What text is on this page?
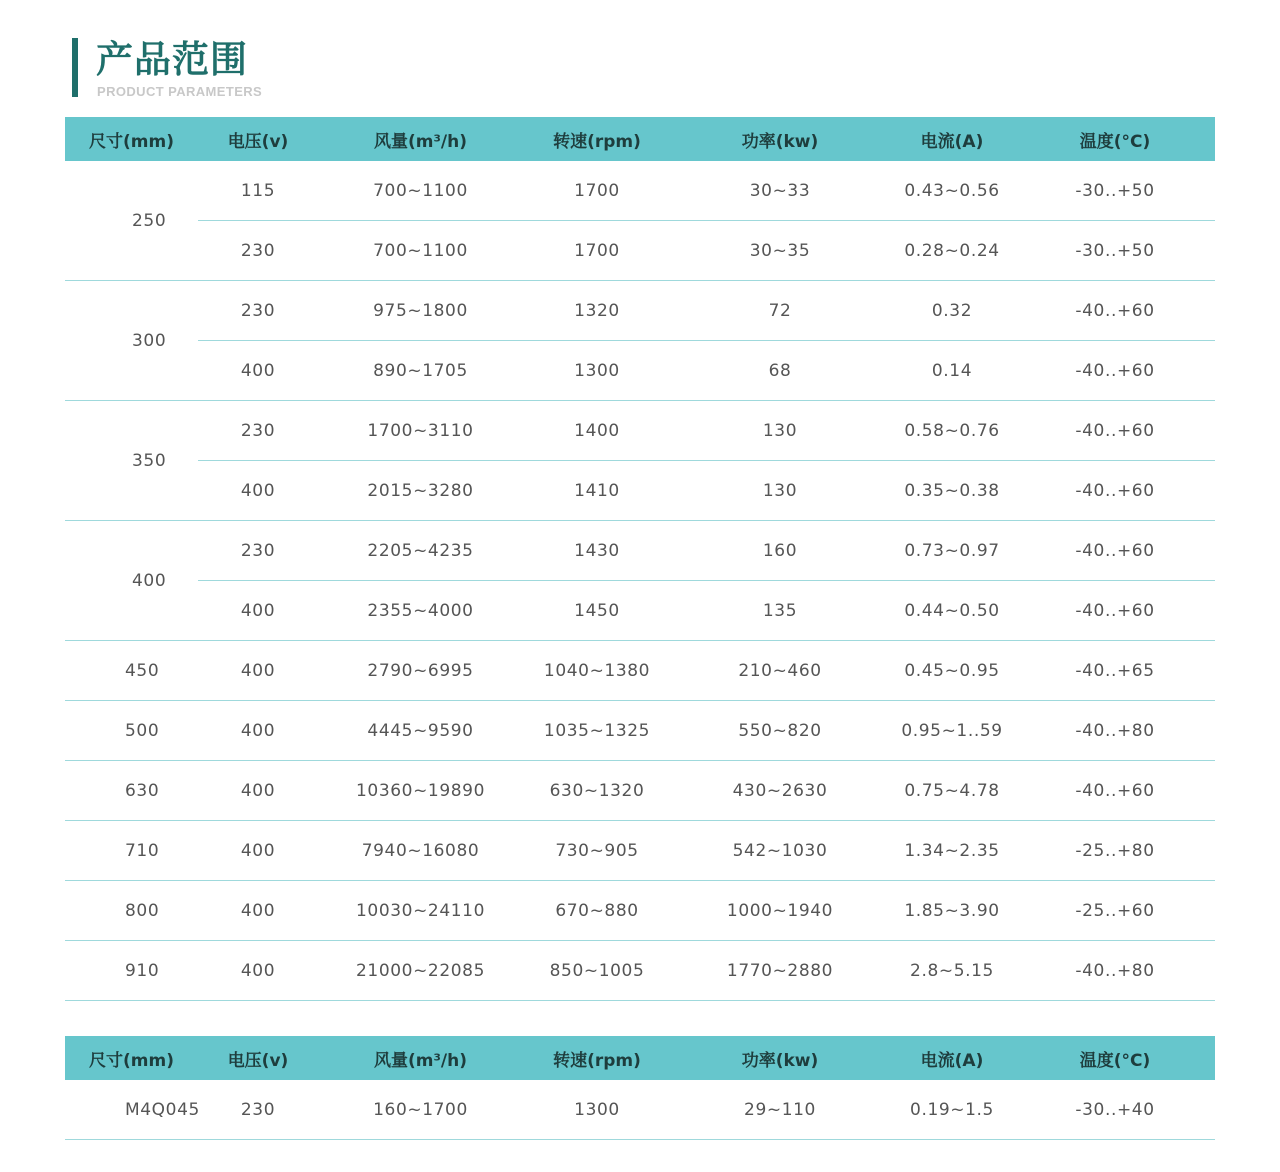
产品范围
PRODUCT PARAMETERS
尺寸(mm)	电压(v)	风量(m³/h)	转速(rpm)	功率(kw)	电流(A)	温度(°C)
250	115	700~1100	1700	30~33	0.43~0.56	-30..+50
	230	700~1100	1700	30~35	0.28~0.24	-30..+50
300	230	975~1800	1320	72	0.32	-40..+60
	400	890~1705	1300	68	0.14	-40..+60
350	230	1700~3110	1400	130	0.58~0.76	-40..+60
	400	2015~3280	1410	130	0.35~0.38	-40..+60
400	230	2205~4235	1430	160	0.73~0.97	-40..+60
	400	2355~4000	1450	135	0.44~0.50	-40..+60
450	400	2790~6995	1040~1380	210~460	0.45~0.95	-40..+65
500	400	4445~9590	1035~1325	550~820	0.95~1..59	-40..+80
630	400	10360~19890	630~1320	430~2630	0.75~4.78	-40..+60
710	400	7940~16080	730~905	542~1030	1.34~2.35	-25..+80
800	400	10030~24110	670~880	1000~1940	1.85~3.90	-25..+60
910	400	21000~22085	850~1005	1770~2880	2.8~5.15	-40..+80
尺寸(mm)	电压(v)	风量(m³/h)	转速(rpm)	功率(kw)	电流(A)	温度(°C)
M4Q045	230	160~1700	1300	29~110	0.19~1.5	-30..+40
